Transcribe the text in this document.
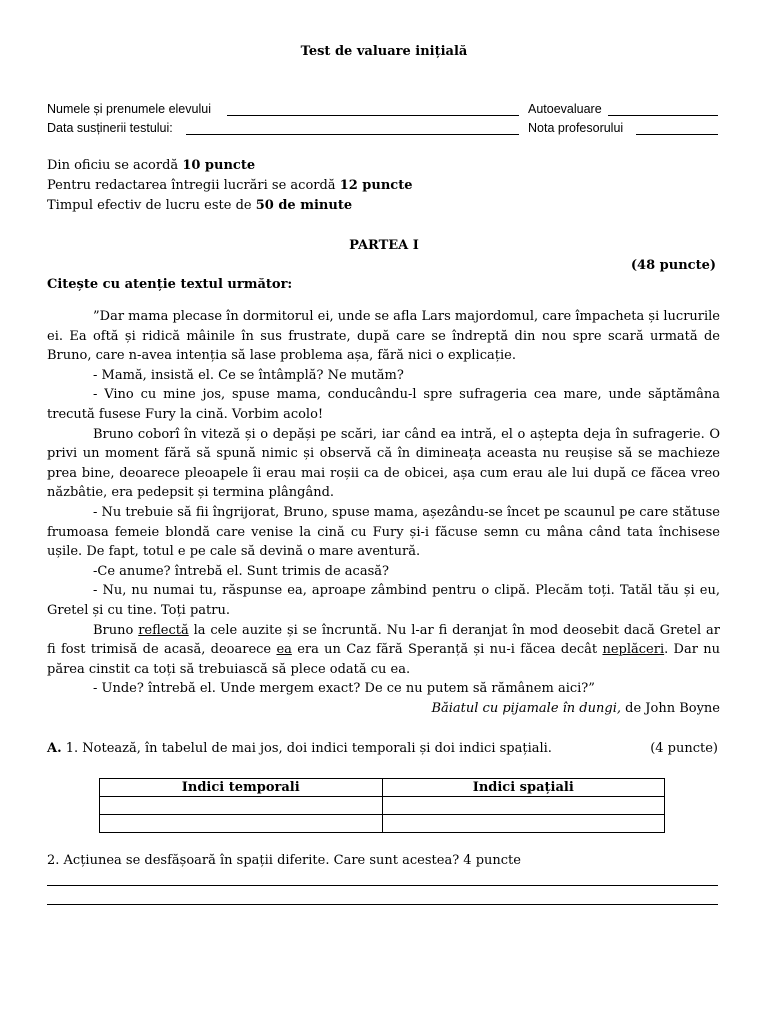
Test de valuare inițială
Numele și prenumele elevului	Autoevaluare
Data susținerii testului:	Nota profesorului
Din oficiu se acordă 10 puncte
Pentru redactarea întregii lucrări se acordă 12 puncte
Timpul efectiv de lucru este de 50 de minute
PARTEA I
(48 puncte)
Citește cu atenție textul următor:

”Dar mama plecase în dormitorul ei, unde se afla Lars majordomul, care împacheta și lucrurile ei. Ea oftă și ridică mâinile în sus frustrate, după care se îndreptă din nou spre scară urmată de Bruno, care n-avea intenția să lase problema așa, fără nici o explicație.

- Mamă, insistă el. Ce se întâmplă? Ne mutăm?

- Vino cu mine jos, spuse mama, conducându-l spre sufrageria cea mare, unde săptămâna trecută fusese Fury la cină. Vorbim acolo!

Bruno coborî în viteză și o depăși pe scări, iar când ea intră, el o aștepta deja în sufragerie. O privi un moment fără să spună nimic și observă că în dimineața aceasta nu reușise să se machieze prea bine, deoarece pleoapele îi erau mai roșii ca de obicei, așa cum erau ale lui după ce făcea vreo năzbâtie, era pedepsit și termina plângând.

- Nu trebuie să fii îngrijorat, Bruno, spuse mama, așezându-se încet pe scaunul pe care stătuse frumoasa femeie blondă care venise la cină cu Fury și-i făcuse semn cu mâna când tata închisese ușile. De fapt, totul e pe cale să devină o mare aventură.

-Ce anume? întrebă el. Sunt trimis de acasă?

- Nu, nu numai tu, răspunse ea, aproape zâmbind pentru o clipă. Plecăm toți. Tatăl tău și eu, Gretel și cu tine. Toți patru.

Bruno reflectă la cele auzite și se încruntă. Nu l-ar fi deranjat în mod deosebit dacă Gretel ar fi fost trimisă de acasă, deoarece ea era un Caz fără Speranță și nu-i făcea decât neplăceri. Dar nu părea cinstit ca toți să trebuiască să plece odată cu ea.

- Unde? întrebă el. Unde mergem exact? De ce nu putem să rămânem aici?”

Băiatul cu pijamale în dungi, de John Boyne

A. 1. Notează, în tabelul de mai jos, doi indici temporali și doi indici spațiali.	(4 puncte)
Indici temporali	Indici spațiali

2. Acțiunea se desfășoară în spații diferite. Care sunt acestea? 4 puncte
